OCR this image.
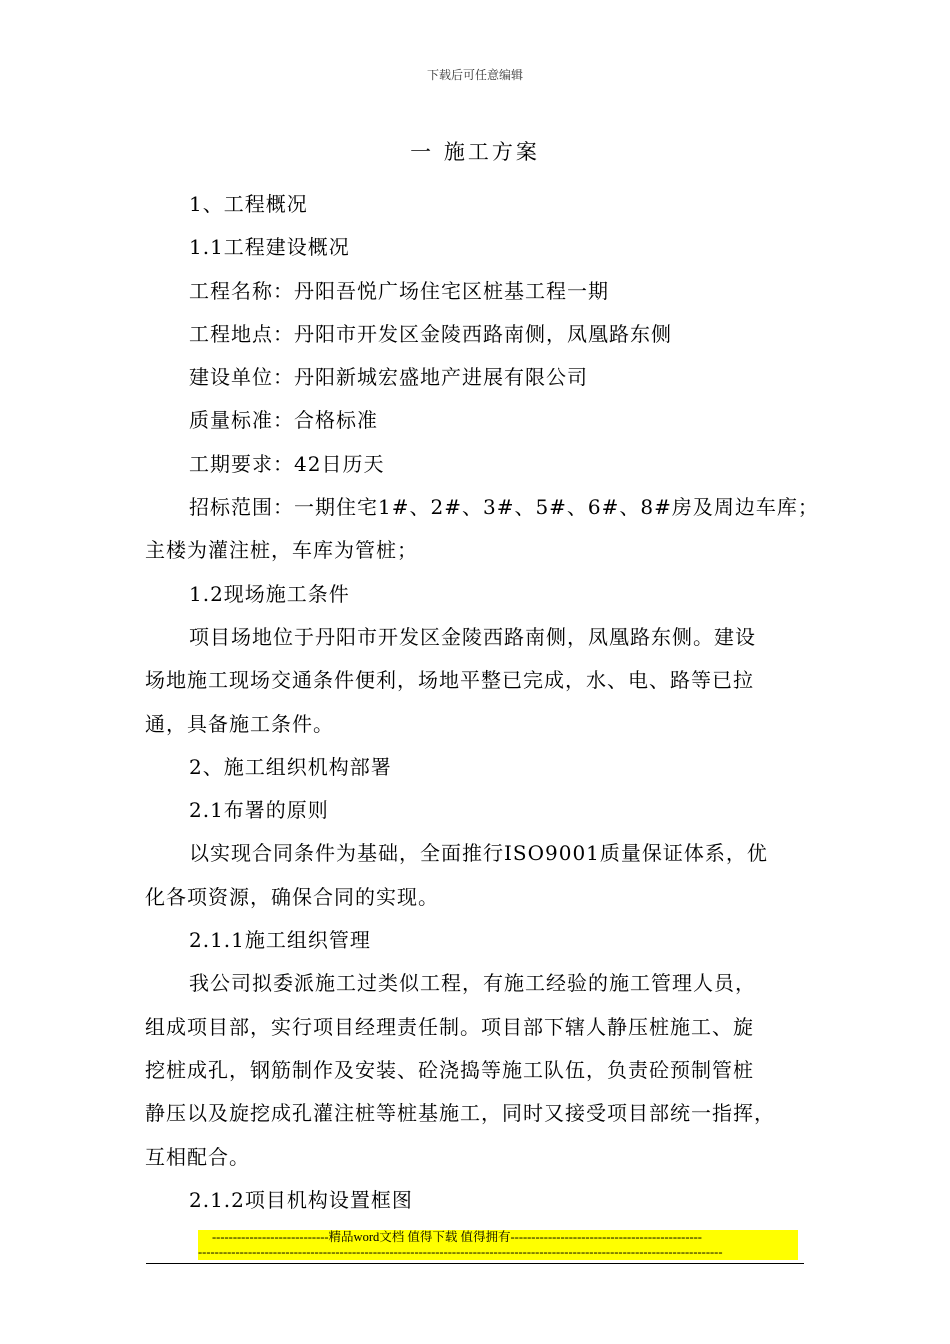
下载后可任意编辑
一 施工方案

1、工程概况

1.1工程建设概况

工程名称：丹阳吾悦广场住宅区桩基工程一期

工程地点：丹阳市开发区金陵西路南侧，凤凰路东侧

建设单位：丹阳新城宏盛地产进展有限公司

质量标准：合格标准

工期要求：42日历天

招标范围：一期住宅1#、2#、3#、5#、6#、8#房及周边车库；

主楼为灌注桩，车库为管桩；

1.2现场施工条件

项目场地位于丹阳市开发区金陵西路南侧，凤凰路东侧。建设

场地施工现场交通条件便利，场地平整已完成，水、电、路等已拉

通，具备施工条件。

2、施工组织机构部署

2.1布署的原则

以实现合同条件为基础，全面推行ISO9001质量保证体系，优

化各项资源，确保合同的实现。

2.1.1施工组织管理

我公司拟委派施工过类似工程，有施工经验的施工管理人员，

组成项目部，实行项目经理责任制。项目部下辖人静压桩施工、旋

挖桩成孔，钢筋制作及安装、砼浇捣等施工队伍，负责砼预制管桩

静压以及旋挖成孔灌注桩等桩基施工，同时又接受项目部统一指挥，

互相配合。

2.1.2项目机构设置框图

----------------------------精品word文档 值得下载 值得拥有----------------------------------------------
------------------------------------------------------------------------------------------------------------------------------
